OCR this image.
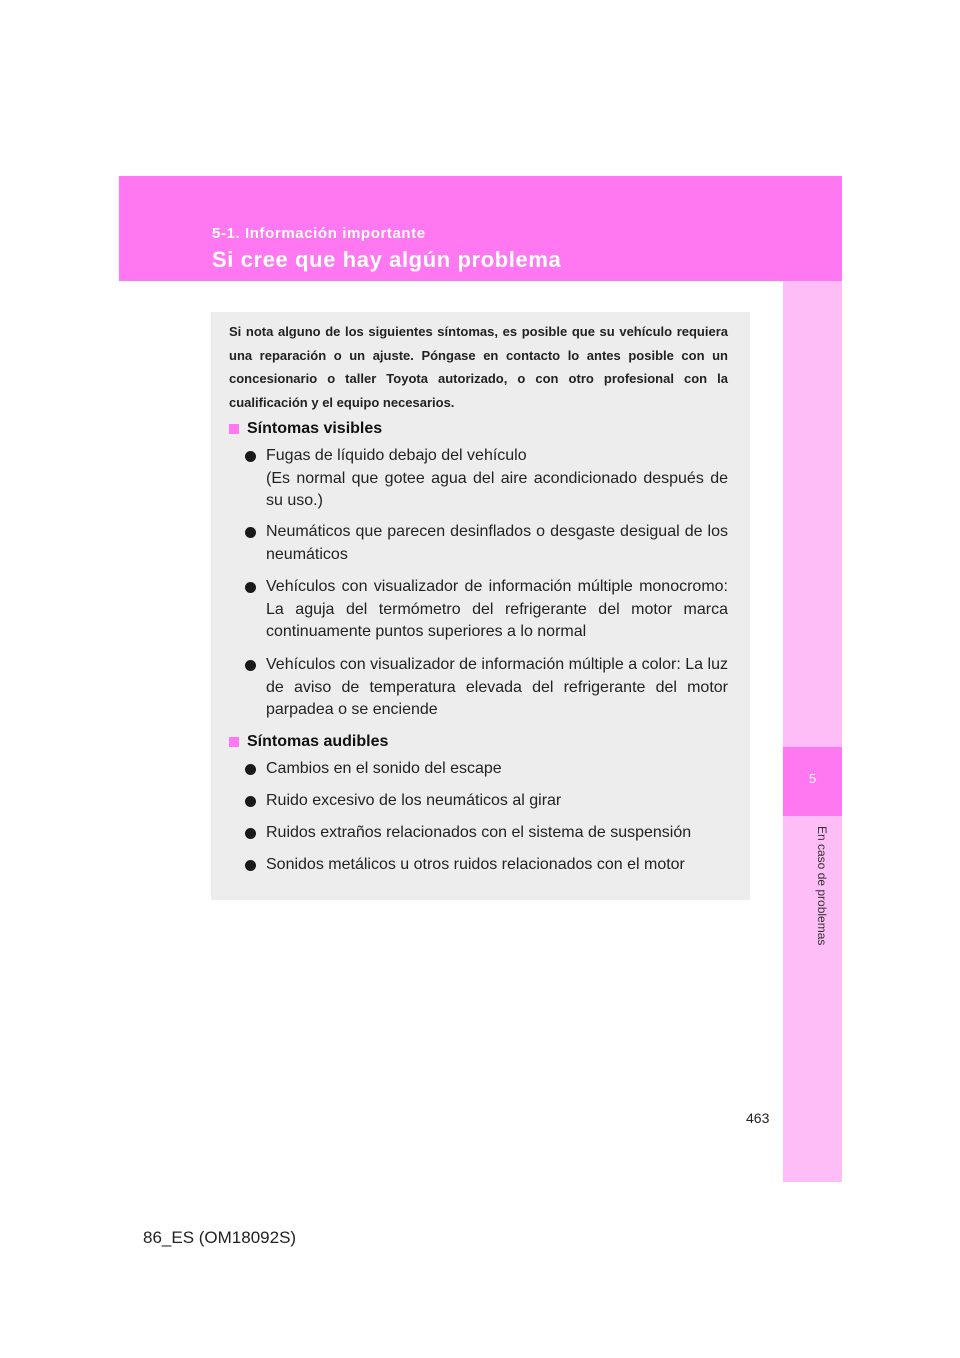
5-1. Información importante
Si cree que hay algún problema
5
En caso de problemas
Si nota alguno de los siguientes síntomas, es posible que su vehículo requiera una reparación o un ajuste. Póngase en contacto lo antes posible con un concesionario o taller Toyota autorizado, o con otro profesional con la cualificación y el equipo necesarios.
Síntomas visibles
Fugas de líquido debajo del vehículo
(Es normal que gotee agua del aire acondicionado después de su uso.)
Neumáticos que parecen desinflados o desgaste desigual de los neumáticos
Vehículos con visualizador de información múltiple monocromo: La aguja del termómetro del refrigerante del motor marca continuamente puntos superiores a lo normal
Vehículos con visualizador de información múltiple a color: La luz de aviso de temperatura elevada del refrigerante del motor parpadea o se enciende
Síntomas audibles
Cambios en el sonido del escape
Ruido excesivo de los neumáticos al girar
Ruidos extraños relacionados con el sistema de suspensión
Sonidos metálicos u otros ruidos relacionados con el motor
463
86_ES (OM18092S)
